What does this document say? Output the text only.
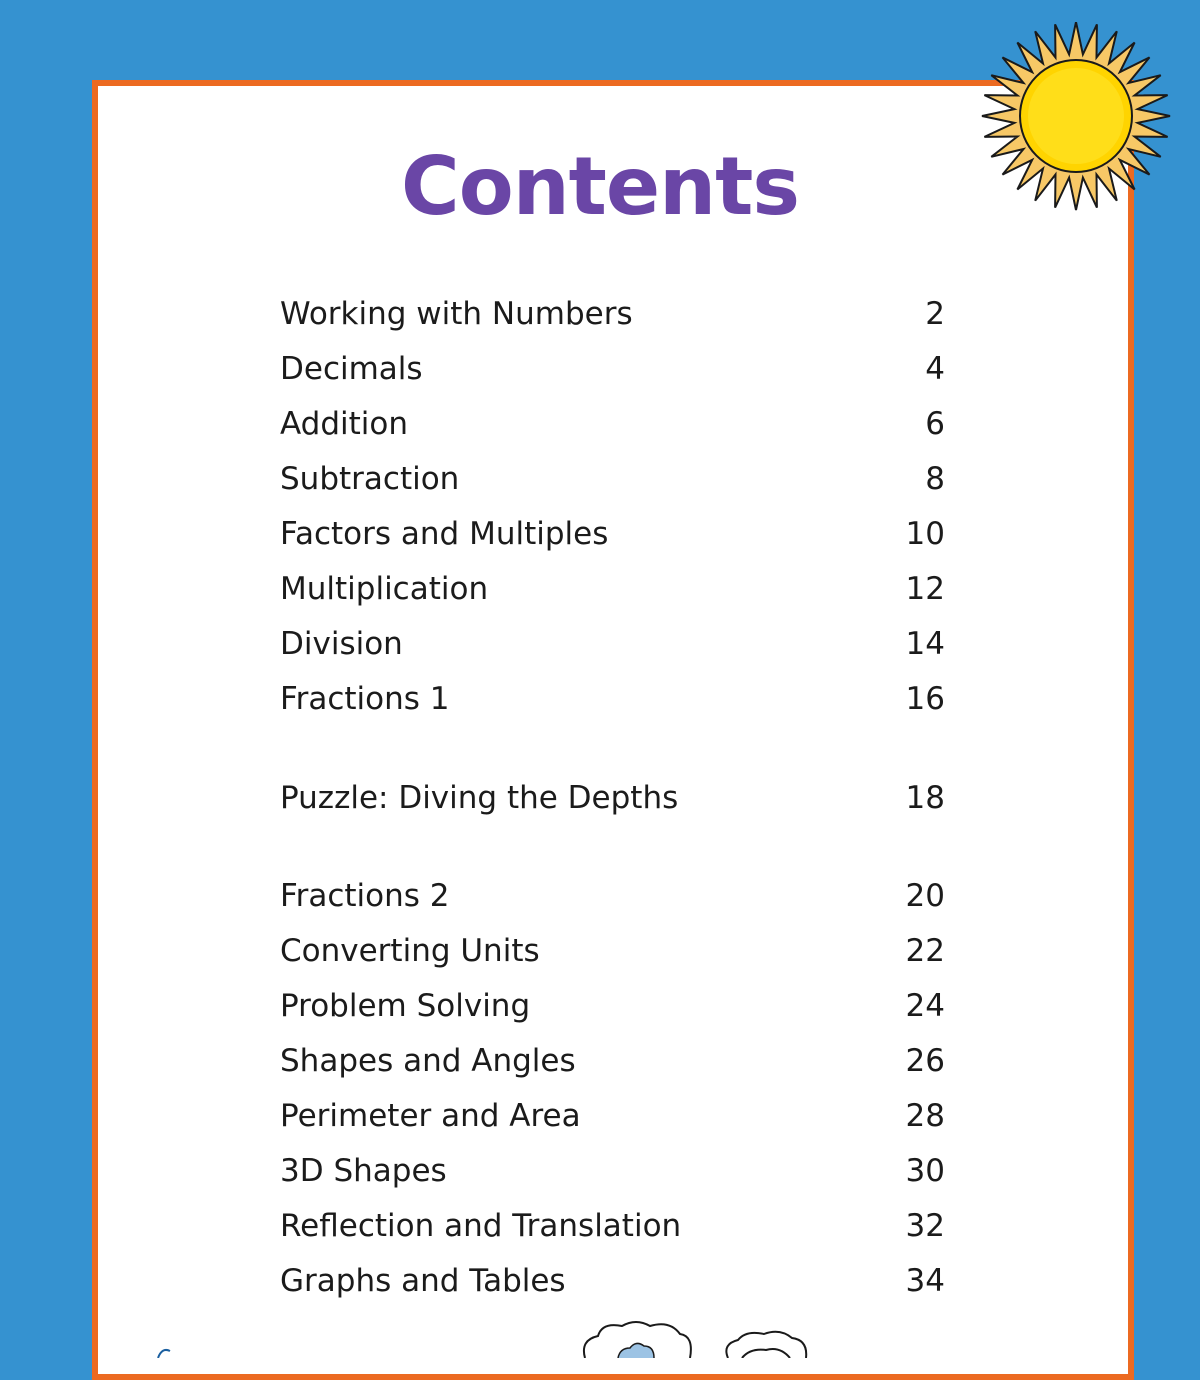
Contents
Working with Numbers	2
Decimals	4
Addition	6
Subtraction	8
Factors and Multiples	10
Multiplication	12
Division	14
Fractions 1	16
Puzzle: Diving the Depths	18
Fractions 2	20
Converting Units	22
Problem Solving	24
Shapes and Angles	26
Perimeter and Area	28
3D Shapes	30
Reflection and Translation	32
Graphs and Tables	34
